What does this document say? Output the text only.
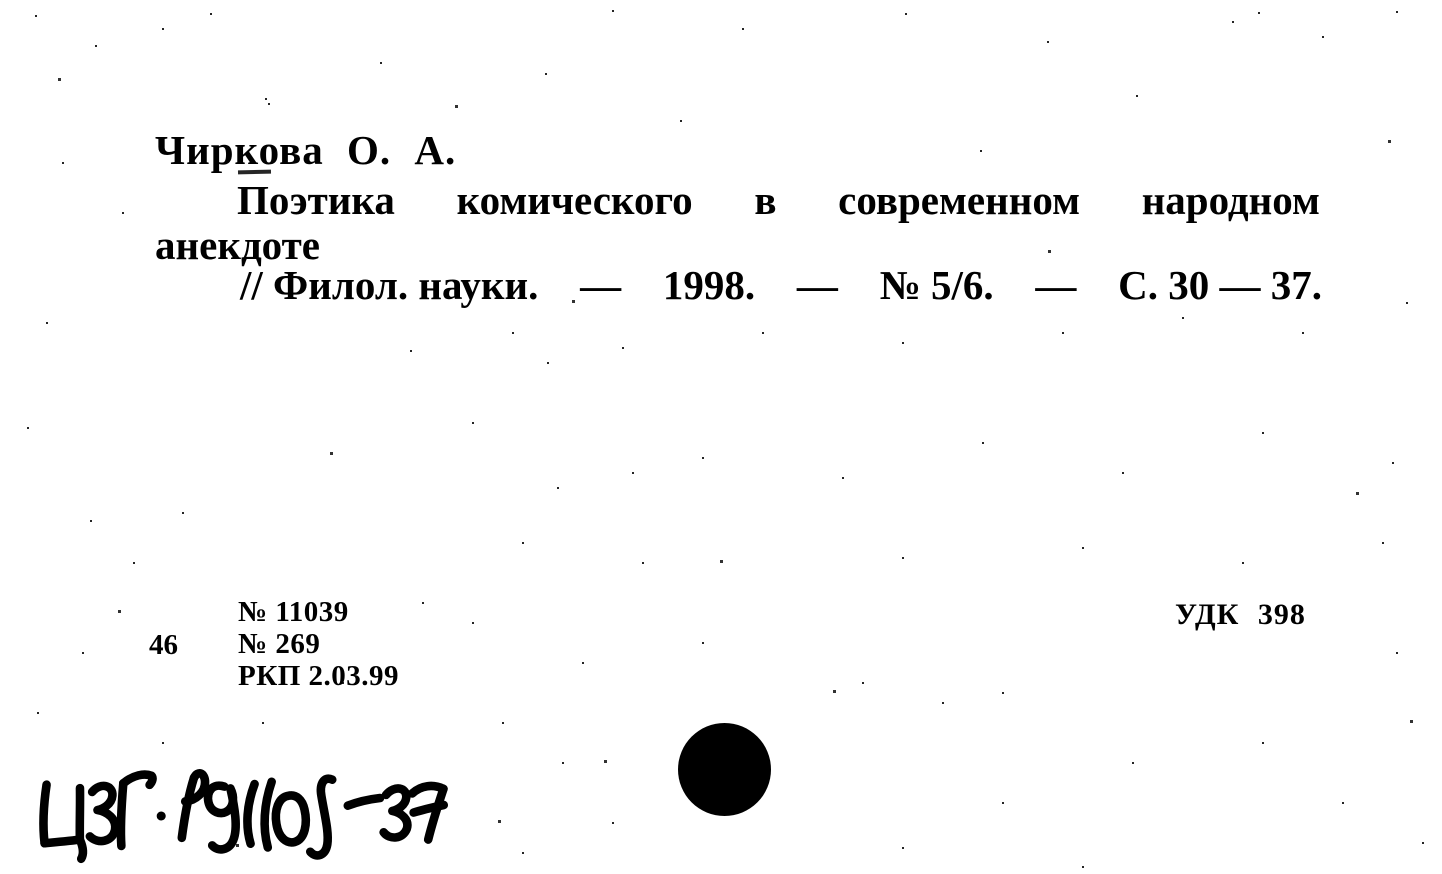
Чиркова О. А.
Поэтика комического в современном народном
анекдоте
// Филол. науки. — 1998. — № 5/6. — С. 30 — 37.
46
№ 11039
№ 269
РКП 2.03.99
УДК 398
